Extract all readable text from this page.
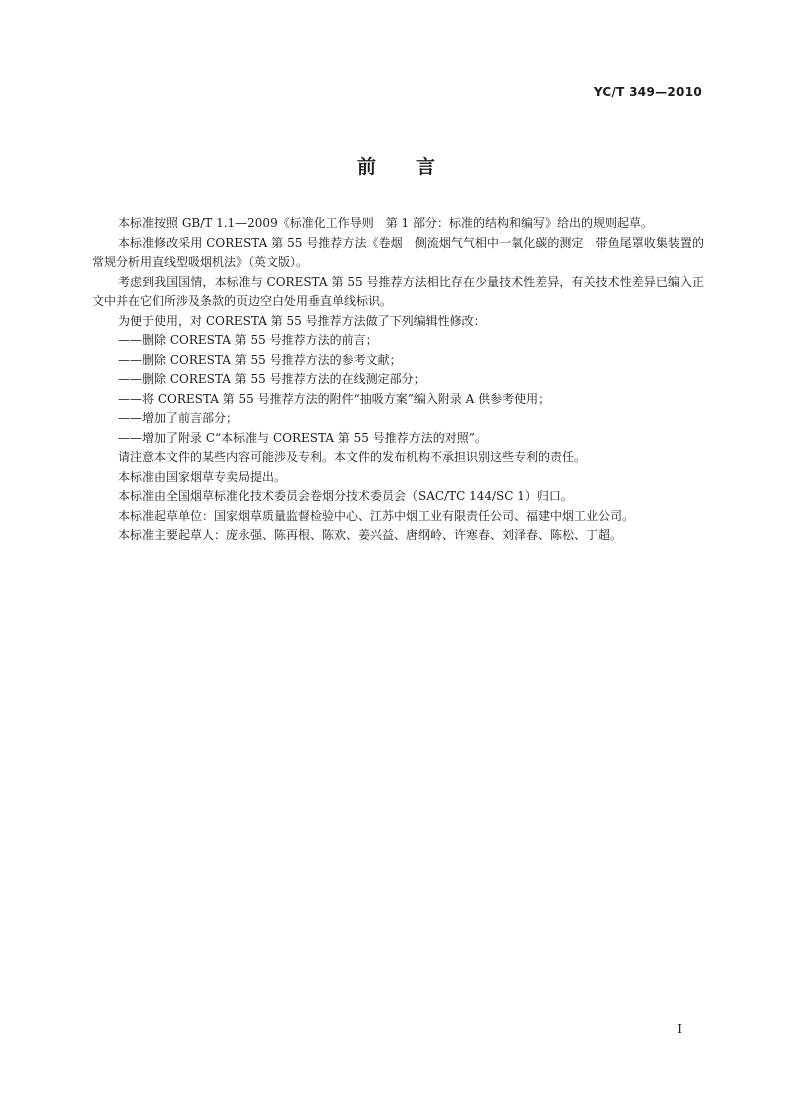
YC/T 349—2010
前言

本标准按照 GB/T 1.1—2009《标准化工作导则　第 1 部分：标准的结构和编写》给出的规则起草。

本标准修改采用 CORESTA 第 55 号推荐方法《卷烟　侧流烟气气相中一氧化碳的测定　带鱼尾罩收集装置的常规分析用直线型吸烟机法》（英文版）。

考虑到我国国情，本标准与 CORESTA 第 55 号推荐方法相比存在少量技术性差异，有关技术性差异已编入正文中并在它们所涉及条款的页边空白处用垂直单线标识。

为便于使用，对 CORESTA 第 55 号推荐方法做了下列编辑性修改：

——删除 CORESTA 第 55 号推荐方法的前言；

——删除 CORESTA 第 55 号推荐方法的参考文献；

——删除 CORESTA 第 55 号推荐方法的在线测定部分；

——将 CORESTA 第 55 号推荐方法的附件“抽吸方案”编入附录 A 供参考使用；

——增加了前言部分；

——增加了附录 C“本标准与 CORESTA 第 55 号推荐方法的对照”。

请注意本文件的某些内容可能涉及专利。本文件的发布机构不承担识别这些专利的责任。

本标准由国家烟草专卖局提出。

本标准由全国烟草标准化技术委员会卷烟分技术委员会（SAC/TC 144/SC 1）归口。

本标准起草单位：国家烟草质量监督检验中心、江苏中烟工业有限责任公司、福建中烟工业公司。

本标准主要起草人：庞永强、陈再根、陈欢、姜兴益、唐纲岭、许寒春、刘泽春、陈松、丁超。

I
